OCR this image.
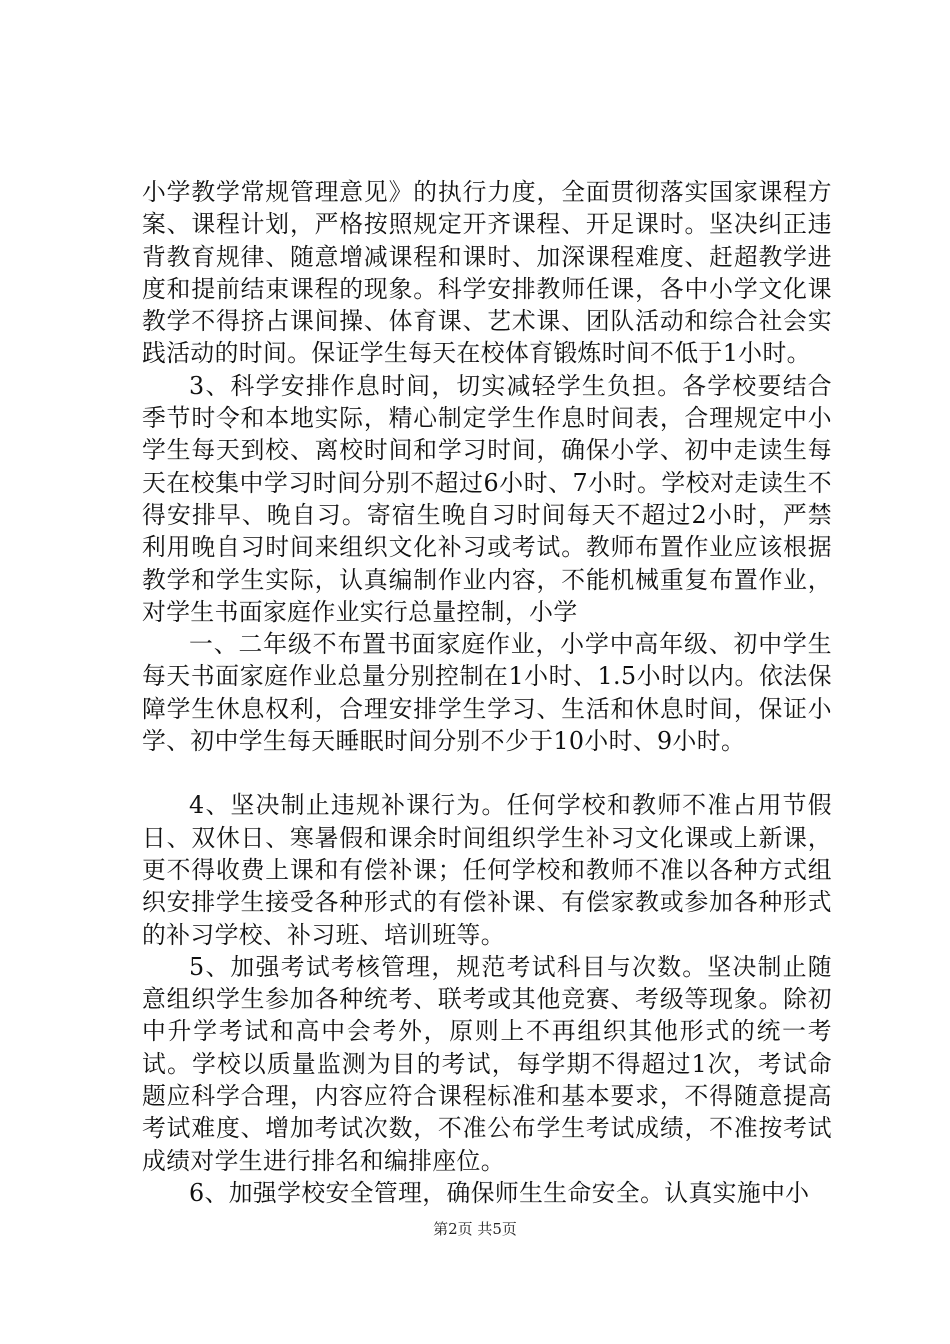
小学教学常规管理意见》的执行力度，全面贯彻落实国家课程方案、课程计划，严格按照规定开齐课程、开足课时。坚决纠正违背教育规律、随意增减课程和课时、加深课程难度、赶超教学进度和提前结束课程的现象。科学安排教师任课，各中小学文化课教学不得挤占课间操、体育课、艺术课、团队活动和综合社会实践活动的时间。保证学生每天在校体育锻炼时间不低于1小时。

3、科学安排作息时间，切实减轻学生负担。各学校要结合季节时令和本地实际，精心制定学生作息时间表，合理规定中小学生每天到校、离校时间和学习时间，确保小学、初中走读生每天在校集中学习时间分别不超过6小时、7小时。学校对走读生不得安排早、晚自习。寄宿生晚自习时间每天不超过2小时，严禁利用晚自习时间来组织文化补习或考试。教师布置作业应该根据教学和学生实际，认真编制作业内容，不能机械重复布置作业，对学生书面家庭作业实行总量控制，小学

一、二年级不布置书面家庭作业，小学中高年级、初中学生每天书面家庭作业总量分别控制在1小时、1.5小时以内。依法保障学生休息权利，合理安排学生学习、生活和休息时间，保证小学、初中学生每天睡眠时间分别不少于10小时、9小时。

4、坚决制止违规补课行为。任何学校和教师不准占用节假日、双休日、寒暑假和课余时间组织学生补习文化课或上新课，更不得收费上课和有偿补课；任何学校和教师不准以各种方式组织安排学生接受各种形式的有偿补课、有偿家教或参加各种形式的补习学校、补习班、培训班等。

5、加强考试考核管理，规范考试科目与次数。坚决制止随意组织学生参加各种统考、联考或其他竞赛、考级等现象。除初中升学考试和高中会考外，原则上不再组织其他形式的统一考试。学校以质量监测为目的考试，每学期不得超过1次，考试命题应科学合理，内容应符合课程标准和基本要求，不得随意提高考试难度、增加考试次数，不准公布学生考试成绩，不准按考试成绩对学生进行排名和编排座位。

6、加强学校安全管理，确保师生生命安全。认真实施中小

第2页 共5页
